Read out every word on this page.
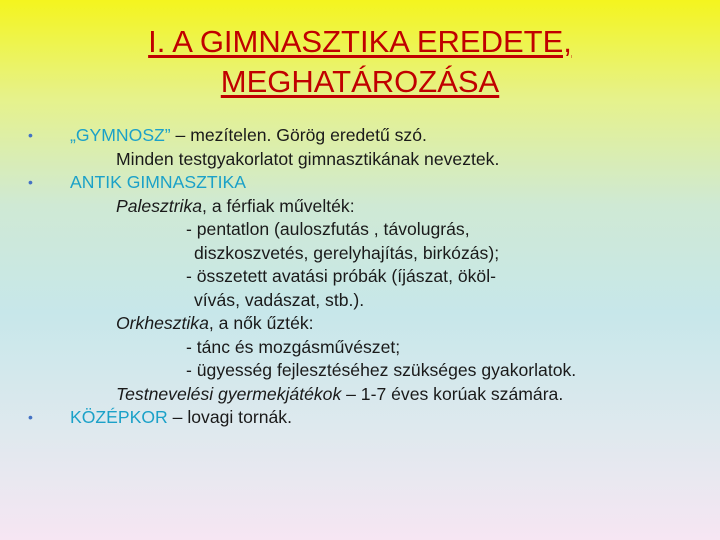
I. A GIMNASZTIKA EREDETE,
MEGHATÁROZÁSA
• „GYMNOSZ” – mezítelen. Görög eredetű szó.
Minden testgyakorlatot gimnasztikának neveztek.
• ANTIK GIMNASZTIKA
Palesztrika, a férfiak művelték:
- pentatlon (auloszfutás , távolugrás,
diszkoszvetés, gerelyhajítás, birkózás);
- összetett avatási próbák (íjászat, ököl-
vívás, vadászat, stb.).
Orkhesztika, a nők űzték:
- tánc és mozgásművészet;
- ügyesség fejlesztéséhez szükséges gyakorlatok.
Testnevelési gyermekjátékok – 1-7 éves korúak számára.
• KÖZÉPKOR – lovagi tornák.
